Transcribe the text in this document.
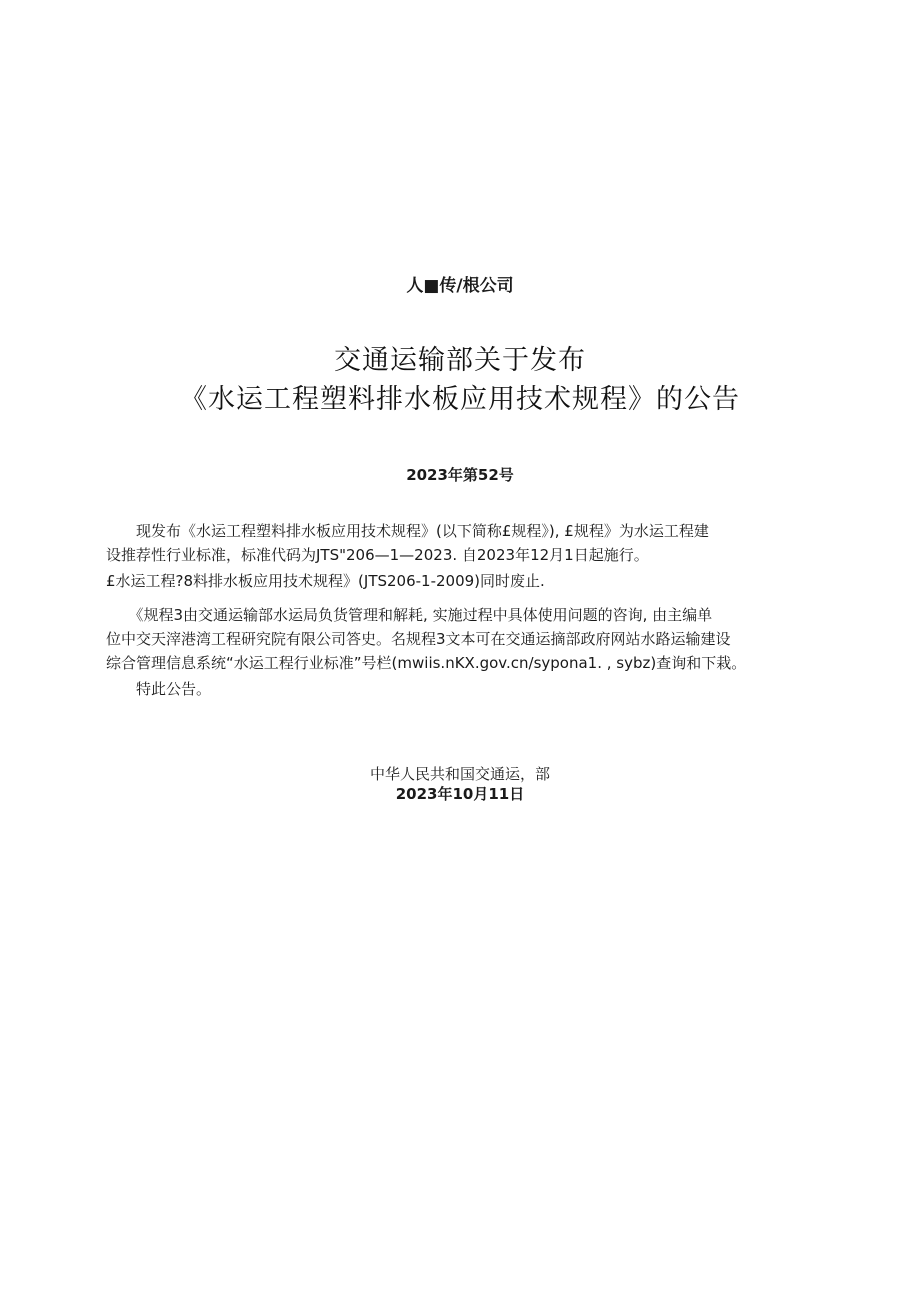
人■传/根公司
交通运输部关于发布
《水运工程塑料排水板应用技术规程》的公告
2023年第52号
　　现发布《水运工程塑料排水板应用技术规程》(以下简称£规程》), £规程》为水运工程建
设推荐性行业标准，标准代码为JTS"206—1—2023. 自2023年12月1日起施行。
£水运工程?8料排水板应用技术规程》(JTS206-1-2009)同时废止.
　　《规程3由交通运输部水运局负货管理和解耗, 实施过程中具体使用问题的咨询, 由主编单
位中交天滓港湾工程研究院有限公司答史。名规程3文本可在交通运摘部政府网站水路运输建设
综合管理信息系统“水运工程行业标准”号栏(mwiis.nKX.gov.cn/sypona1. , sybz)查询和下栽。
　　特此公告。
中华人民共和国交通运，部
2023年10月11日
